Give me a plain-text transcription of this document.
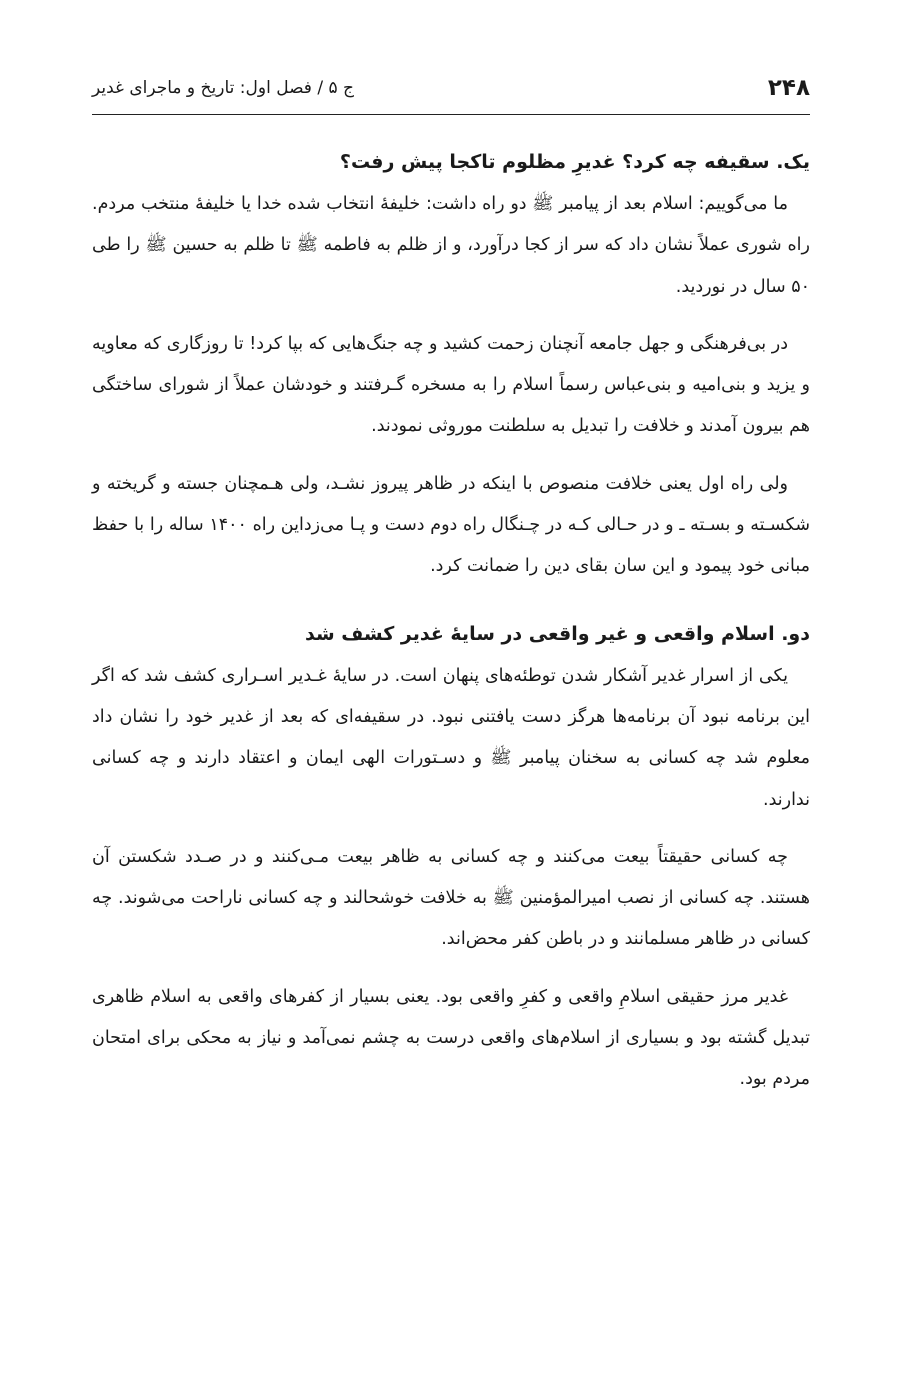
۲۴۸
ج ۵ / فصل اول: تاریخ و ماجرای غدیر
یک. سقیفه چه کرد؟ غدیرِ مظلوم تاکجا پیش رفت؟

ما می‌گوییم: اسلام بعد از پیامبر ﷺ دو راه داشت: خلیفهٔ انتخاب شده خدا یا خلیفهٔ منتخب مردم. راه شوری عملاً نشان داد که سر از کجا درآورد، و از ظلم به فاطمه ﷺ تا ظلم به حسین ﷺ را طی ۵۰ سال در نوردید.

در بی‌فرهنگی و جهل جامعه آنچنان زحمت کشید و چه جنگ‌هایی که بپا کرد! تا روزگاری که معاویه و یزید و بنی‌امیه و بنی‌عباس رسماً اسلام را به مسخره گـرفتند و خودشان عملاً از شورای ساختگی هم بیرون آمدند و خلافت را تبدیل به سلطنت موروثی نمودند.

ولی راه اول یعنی خلافت منصوص با اینکه در ظاهر پیروز نشـد، ولی هـمچنان جسته و گریخته و شکسـته و بسـته ـ و در حـالی کـه در چـنگال راه دوم دست و پـا می‌زداین راه ۱۴۰۰ ساله را با حفظ مبانی خود پیمود و این سان بقای دین را ضمانت کرد.

دو. اسلام واقعی و غیر واقعی در سایهٔ غدیر کشف شد

یکی از اسرار غدیر آشکار شدن توطئه‌های پنهان است. در سایهٔ غـدیر اسـراری کشف شد که اگر این برنامه نبود آن برنامه‌ها هرگز دست یافتنی نبود. در سقیفه‌ای که بعد از غدیر خود را نشان داد معلوم شد چه کسانی به سخنان پیامبر ﷺ و دسـتورات الهی ایمان و اعتقاد دارند و چه کسانی ندارند.

چه کسانی حقیقتاً بیعت می‌کنند و چه کسانی به ظاهر بیعت مـی‌کنند و در صـدد شکستن آن هستند. چه کسانی از نصب امیرالمؤمنین ﷺ به خلافت خوشحالند و چه کسانی ناراحت می‌شوند. چه کسانی در ظاهر مسلمانند و در باطن کفر محض‌اند.

غدیر مرز حقیقی اسلامِ واقعی و کفرِ واقعی بود. یعنی بسیار از کفرهای واقعی به اسلام ظاهری تبدیل گشته بود و بسیاری از اسلام‌های واقعی درست به چشم نمی‌آمد و نیاز به محکی برای امتحان مردم بود.
